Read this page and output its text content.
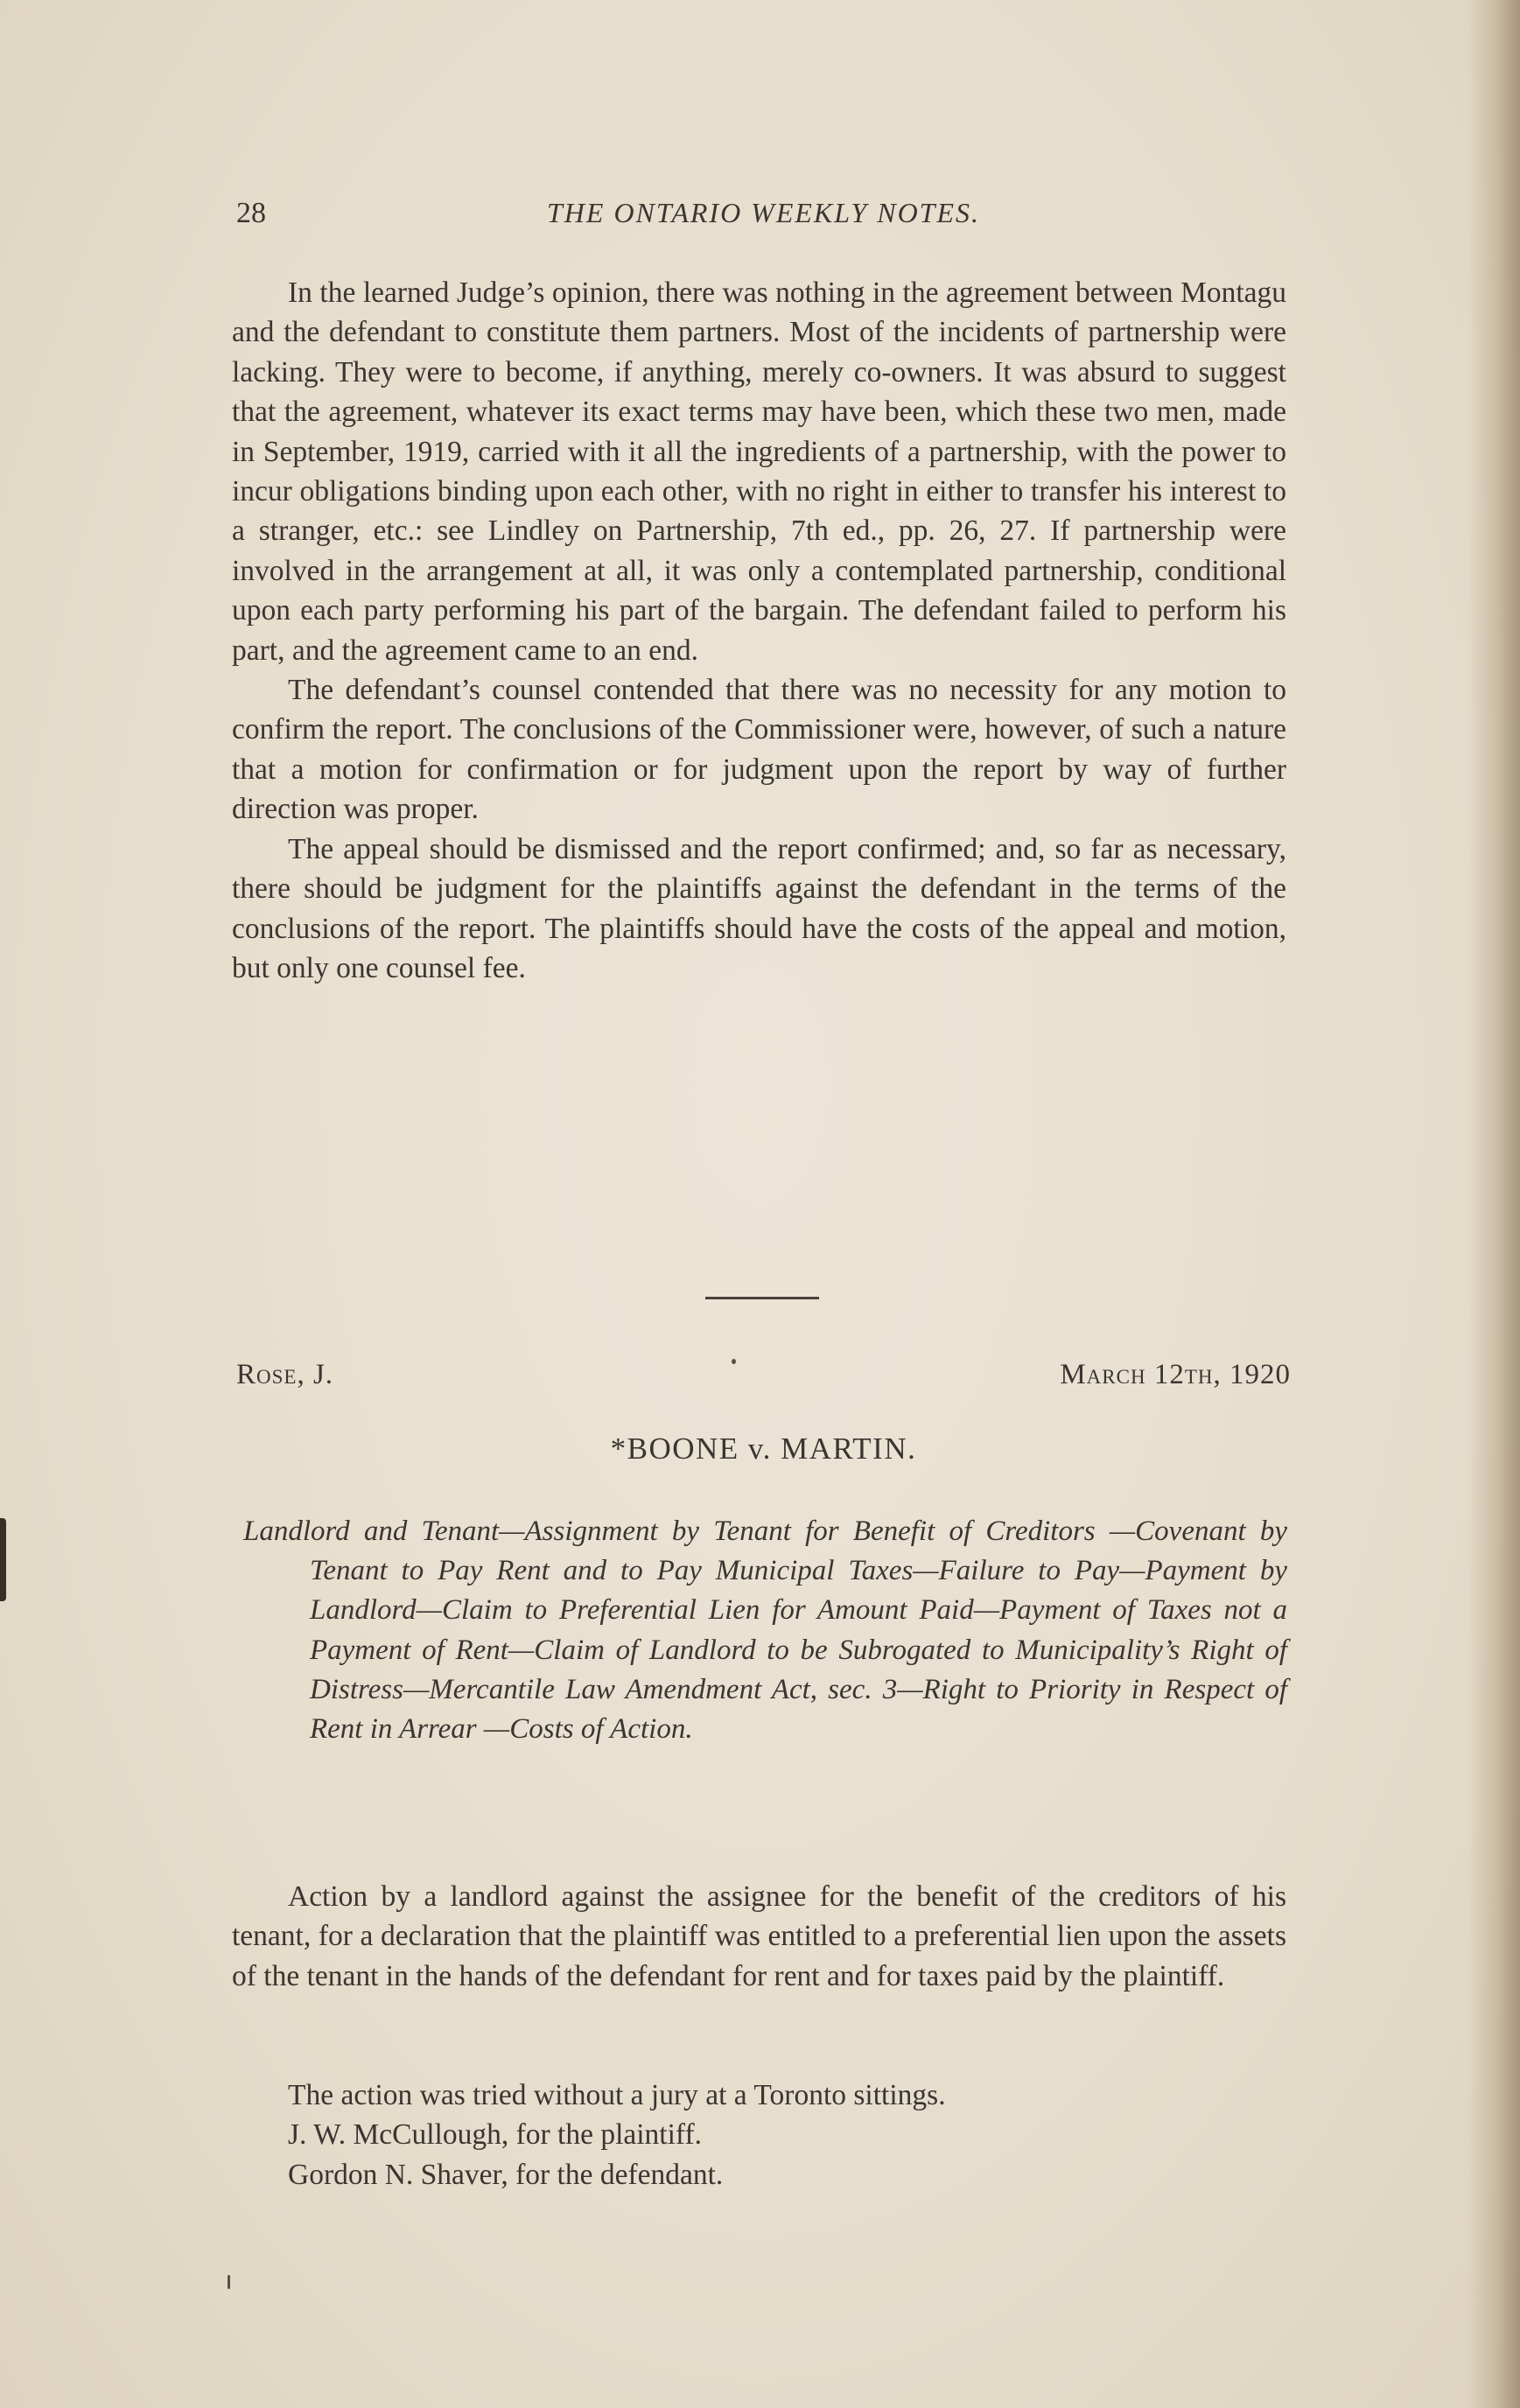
28	THE ONTARIO WEEKLY NOTES.

In the learned Judge’s opinion, there was nothing in the agreement between Montagu and the defendant to constitute them partners. Most of the incidents of partnership were lacking. They were to become, if anything, merely co-owners. It was absurd to suggest that the agreement, whatever its exact terms may have been, which these two men, made in September, 1919, carried with it all the ingredients of a partnership, with the power to incur obligations binding upon each other, with no right in either to transfer his interest to a stranger, etc.: see Lindley on Partnership, 7th ed., pp. 26, 27. If partnership were involved in the arrangement at all, it was only a contemplated partnership, conditional upon each party performing his part of the bargain. The defendant failed to perform his part, and the agreement came to an end.

The defendant’s counsel contended that there was no necessity for any motion to confirm the report. The conclusions of the Commissioner were, however, of such a nature that a motion for confirmation or for judgment upon the report by way of further direction was proper.

The appeal should be dismissed and the report confirmed; and, so far as necessary, there should be judgment for the plaintiffs against the defendant in the terms of the conclusions of the report. The plaintiffs should have the costs of the appeal and motion, but only one counsel fee.

Rose, J.	March 12th, 1920
*BOONE v. MARTIN.
Landlord and Tenant—Assignment by Tenant for Benefit of Creditors —Covenant by Tenant to Pay Rent and to Pay Municipal Taxes—Failure to Pay—Payment by Landlord—Claim to Preferential Lien for Amount Paid—Payment of Taxes not a Payment of Rent—Claim of Landlord to be Subrogated to Municipality’s Right of Distress—Mercantile Law Amendment Act, sec. 3—Right to Priority in Respect of Rent in Arrear —Costs of Action.

Action by a landlord against the assignee for the benefit of the creditors of his tenant, for a declaration that the plaintiff was entitled to a preferential lien upon the assets of the tenant in the hands of the defendant for rent and for taxes paid by the plaintiff.

The action was tried without a jury at a Toronto sittings.

J. W. McCullough, for the plaintiff.

Gordon N. Shaver, for the defendant.
